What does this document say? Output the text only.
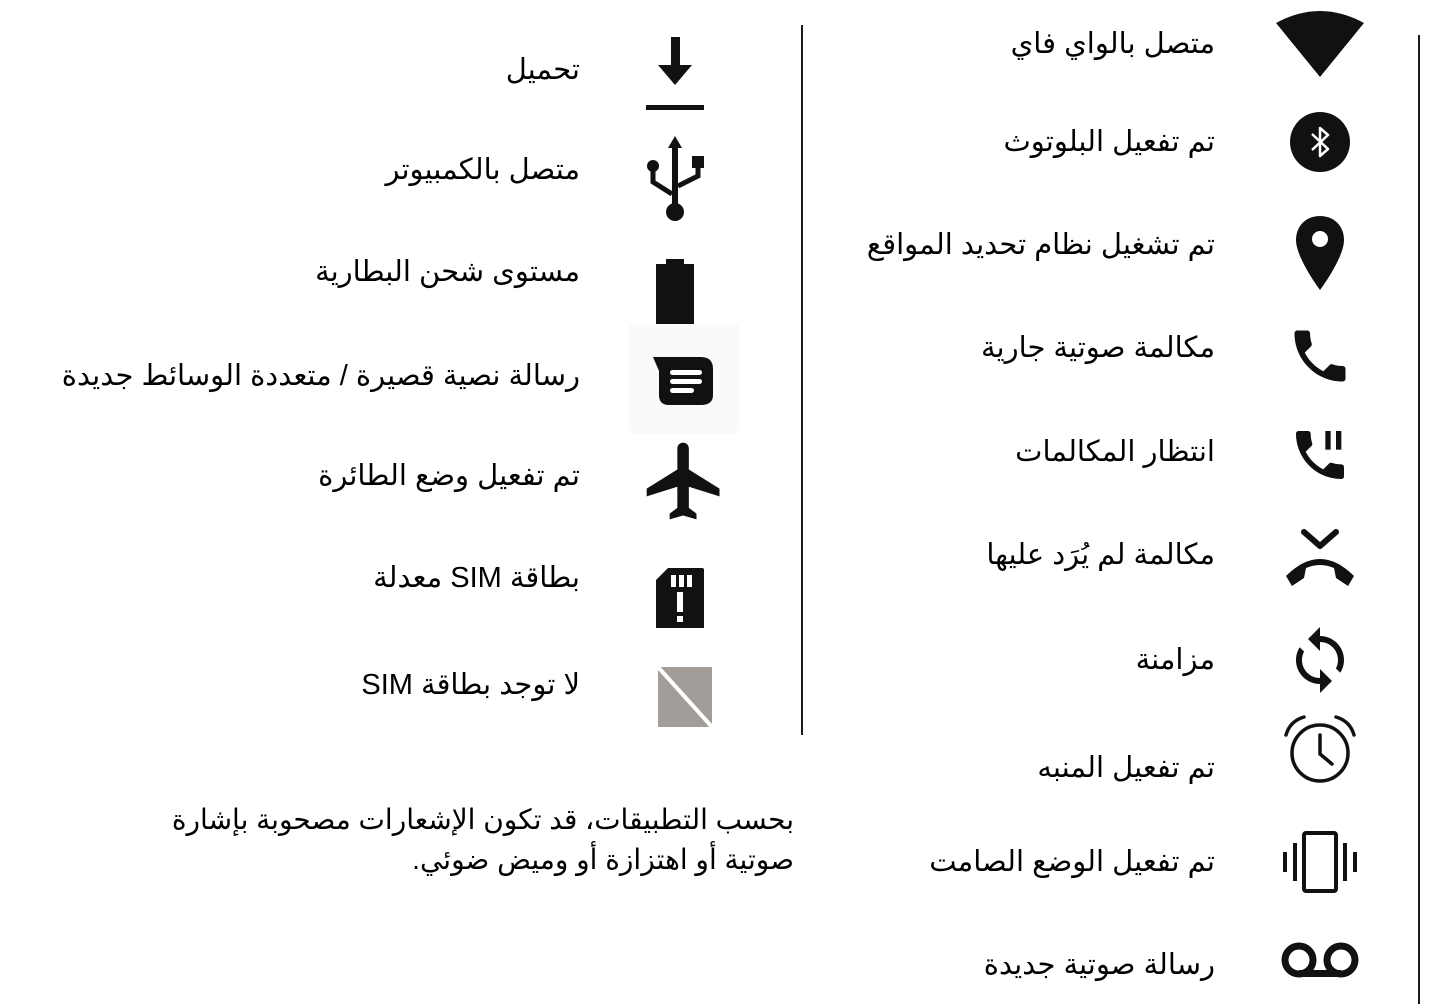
متصل بالواي فاي
تم تفعيل البلوتوث
تم تشغيل نظام تحديد المواقع
مكالمة صوتية جارية
انتظار المكالمات
مكالمة لم يُرَد عليها
مزامنة
تم تفعيل المنبه
تم تفعيل الوضع الصامت
رسالة صوتية جديدة
تحميل
متصل بالكمبيوتر
مستوى شحن البطارية
رسالة نصية قصيرة / متعددة الوسائط جديدة
تم تفعيل وضع الطائرة
بطاقة SIM معدلة
لا توجد بطاقة SIM
بحسب التطبيقات، قد تكون الإشعارات مصحوبة بإشارة
صوتية أو اهتزازة أو وميض ضوئي.
